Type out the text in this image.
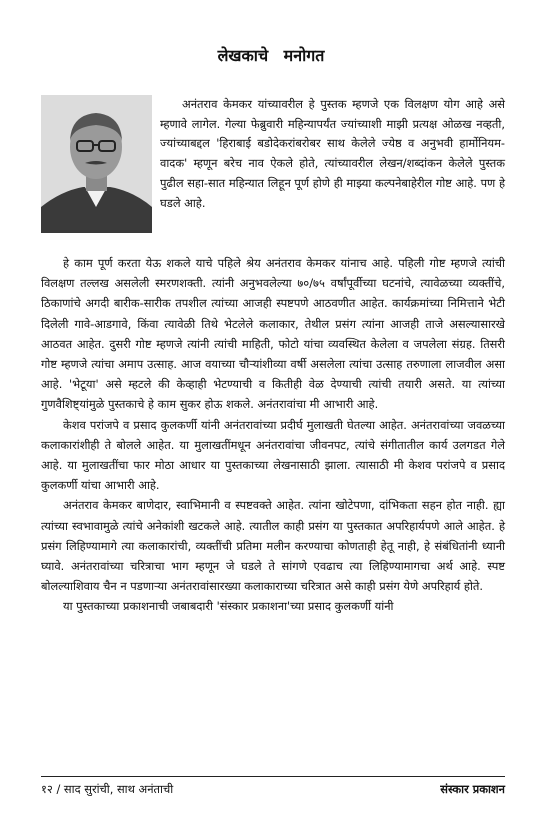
लेखकाचे मनोगत

अनंतराव केमकर यांच्यावरील हे पुस्तक म्हणजे एक विलक्षण योग आहे असे म्हणावे लागेल. गेल्या फेब्रुवारी महिन्यापर्यंत ज्यांच्याशी माझी प्रत्यक्ष ओळख नव्हती, ज्यांच्याबद्दल 'हिराबाई बडोदेकरांबरोबर साथ केलेले ज्येष्ठ व अनुभवी हार्मोनियम-वादक' म्हणून बरेच नाव ऐकले होते, त्यांच्यावरील लेखन/शब्दांकन केलेले पुस्तक पुढील सहा-सात महिन्यात लिहून पूर्ण होणे ही माझ्या कल्पनेबाहेरील गोष्ट आहे. पण हे घडले आहे.

हे काम पूर्ण करता येऊ शकले याचे पहिले श्रेय अनंतराव केमकर यांनाच आहे. पहिली गोष्ट म्हणजे त्यांची विलक्षण तल्लख असलेली स्मरणशक्ती. त्यांनी अनुभवलेल्या ७०/७५ वर्षांपूर्वीच्या घटनांचे, त्यावेळच्या व्यक्तींचे, ठिकाणांचे अगदी बारीक-सारीक तपशील त्यांच्या आजही स्पष्टपणे आठवणीत आहेत. कार्यक्रमांच्या निमित्ताने भेटी दिलेली गावे-आडगावे, किंवा त्यावेळी तिथे भेटलेले कलाकार, तेथील प्रसंग त्यांना आजही ताजे असल्यासारखे आठवत आहेत. दुसरी गोष्ट म्हणजे त्यांनी त्यांची माहिती, फोटो यांचा व्यवस्थित केलेला व जपलेला संग्रह. तिसरी गोष्ट म्हणजे त्यांचा अमाप उत्साह. आज वयाच्या चौऱ्यांशीव्या वर्षी असलेला त्यांचा उत्साह तरुणाला लाजवील असा आहे. 'भेटूया' असे म्हटले की केव्हाही भेटण्याची व कितीही वेळ देण्याची त्यांची तयारी असते. या त्यांच्या गुणवैशिष्ट्यांमुळे पुस्तकाचे हे काम सुकर होऊ शकले. अनंतरावांचा मी आभारी आहे.

केशव परांजपे व प्रसाद कुलकर्णी यांनी अनंतरावांच्या प्रदीर्घ मुलाखती घेतल्या आहेत. अनंतरावांच्या जवळच्या कलाकारांशीही ते बोलले आहेत. या मुलाखतींमधून अनंतरावांचा जीवनपट, त्यांचे संगीतातील कार्य उलगडत गेले आहे. या मुलाखतींचा फार मोठा आधार या पुस्तकाच्या लेखनासाठी झाला. त्यासाठी मी केशव परांजपे व प्रसाद कुलकर्णी यांचा आभारी आहे.

अनंतराव केमकर बाणेदार, स्वाभिमानी व स्पष्टवक्ते आहेत. त्यांना खोटेपणा, दांभिकता सहन होत नाही. ह्या त्यांच्या स्वभावामुळे त्यांचे अनेकांशी खटकले आहे. त्यातील काही प्रसंग या पुस्तकात अपरिहार्यपणे आले आहेत. हे प्रसंग लिहिण्यामागे त्या कलाकारांची, व्यक्तींची प्रतिमा मलीन करण्याचा कोणताही हेतू नाही, हे संबंधितांनी ध्यानी घ्यावे. अनंतरावांच्या चरित्राचा भाग म्हणून जे घडले ते सांगणे एवढाच त्या लिहिण्यामागचा अर्थ आहे. स्पष्ट बोलल्याशिवाय चैन न पडणाऱ्या अनंतरावांसारख्या कलाकाराच्या चरित्रात असे काही प्रसंग येणे अपरिहार्य होते.

या पुस्तकाच्या प्रकाशनाची जबाबदारी 'संस्कार प्रकाशना'च्या प्रसाद कुलकर्णी यांनी

१२ / साद सुरांची, साथ अनंताची	संस्कार प्रकाशन
